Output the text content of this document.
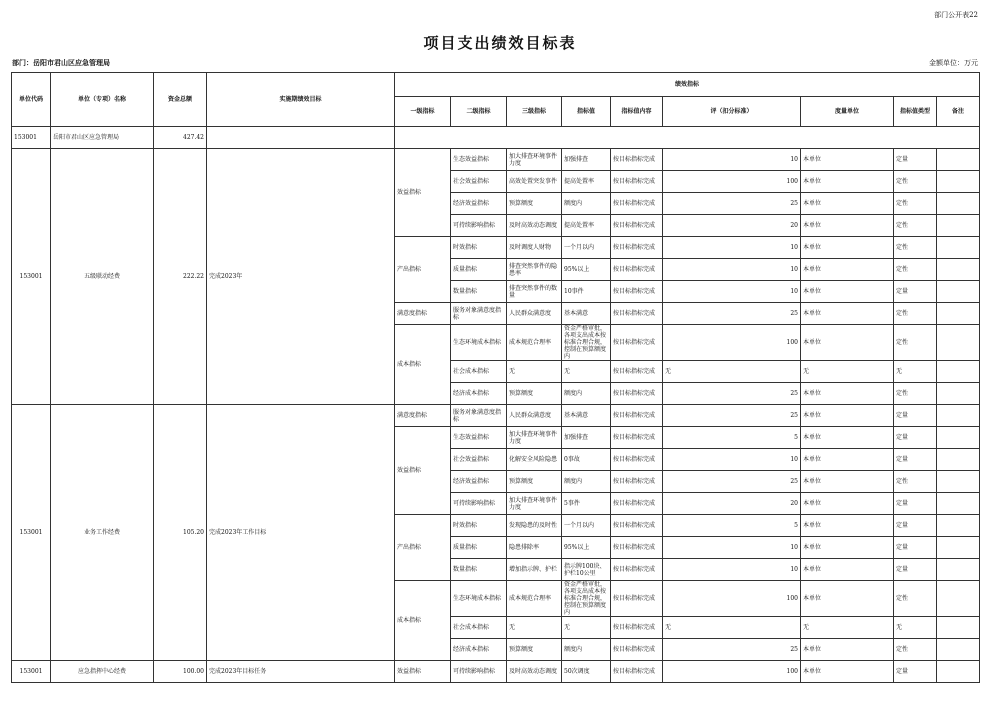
部门公开表22
项目支出绩效目标表
部门：岳阳市君山区应急管理局	金额单位：万元
单位代码	单位（专项）名称	资金总额	实施期绩效目标	绩效指标								
				一级指标	二级指标	三级指标	指标值	指标值内容	评（扣分标准）	度量单位	指标值类型	备注
153001	岳阳市君山区应急管理局	427.42										
153001	五级联动经费	222.22	完成2023年	效益指标	生态效益指标	加大排查环境事件力度	加强排查	按目标指标完成	10	本单位	定量	
					社会效益指标	高效处置突发事件	提高处置率	按目标指标完成	100	本单位	定性	
					经济效益指标	预算额度	额度内	按目标指标完成	25	本单位	定性	
					可持续影响指标	及时高效动态调度	提高处置率	按目标指标完成	20	本单位	定性	
				产出指标	时效指标	及时调度人财物	一个月以内	按目标指标完成	10	本单位	定性	
					质量指标	排查突然事件的隐患率	95%以上	按目标指标完成	10	本单位	定性	
					数量指标	排查突然事件的数量	10事件	按目标指标完成	10	本单位	定量	
				满意度指标	服务对象满意度指标	人民群众满意度	基本满意	按目标指标完成	25	本单位	定性	
				成本指标	生态环境成本指标	成本规范合理率	资金严格审批，各项支出成本按标准合理合规，控制在预算额度内	按目标指标完成	100	本单位	定性	
					社会成本指标	无	无	按目标指标完成	无	无	无	
					经济成本指标	预算额度	额度内	按目标指标完成	25	本单位	定性	
153001	业务工作经费	105.20	完成2023年工作目标	满意度指标	服务对象满意度指标	人民群众满意度	基本满意	按目标指标完成	25	本单位	定量	
				效益指标	生态效益指标	加大排查环境事件力度	加强排查	按目标指标完成	5	本单位	定量	
					社会效益指标	化解安全风险隐患	0事故	按目标指标完成	10	本单位	定量	
					经济效益指标	预算额度	额度内	按目标指标完成	25	本单位	定性	
					可持续影响指标	加大排查环境事件力度	5事件	按目标指标完成	20	本单位	定量	
				产出指标	时效指标	发现隐患的及时性	一个月以内	按目标指标完成	5	本单位	定量	
					质量指标	隐患排除率	95%以上	按目标指标完成	10	本单位	定量	
					数量指标	增加指示牌、护栏	指示牌100块、护栏10公里	按目标指标完成	10	本单位	定量	
				成本指标	生态环境成本指标	成本规范合理率	资金严格审批，各项支出成本按标准合理合规，控制在预算额度内	按目标指标完成	100	本单位	定性	
					社会成本指标	无	无	按目标指标完成	无	无	无	
					经济成本指标	预算额度	额度内	按目标指标完成	25	本单位	定性	
153001	应急指挥中心经费	100.00	完成2023年目标任务	效益指标	可持续影响指标	及时高效动态调度	50次调度	按目标指标完成	100	本单位	定量	
